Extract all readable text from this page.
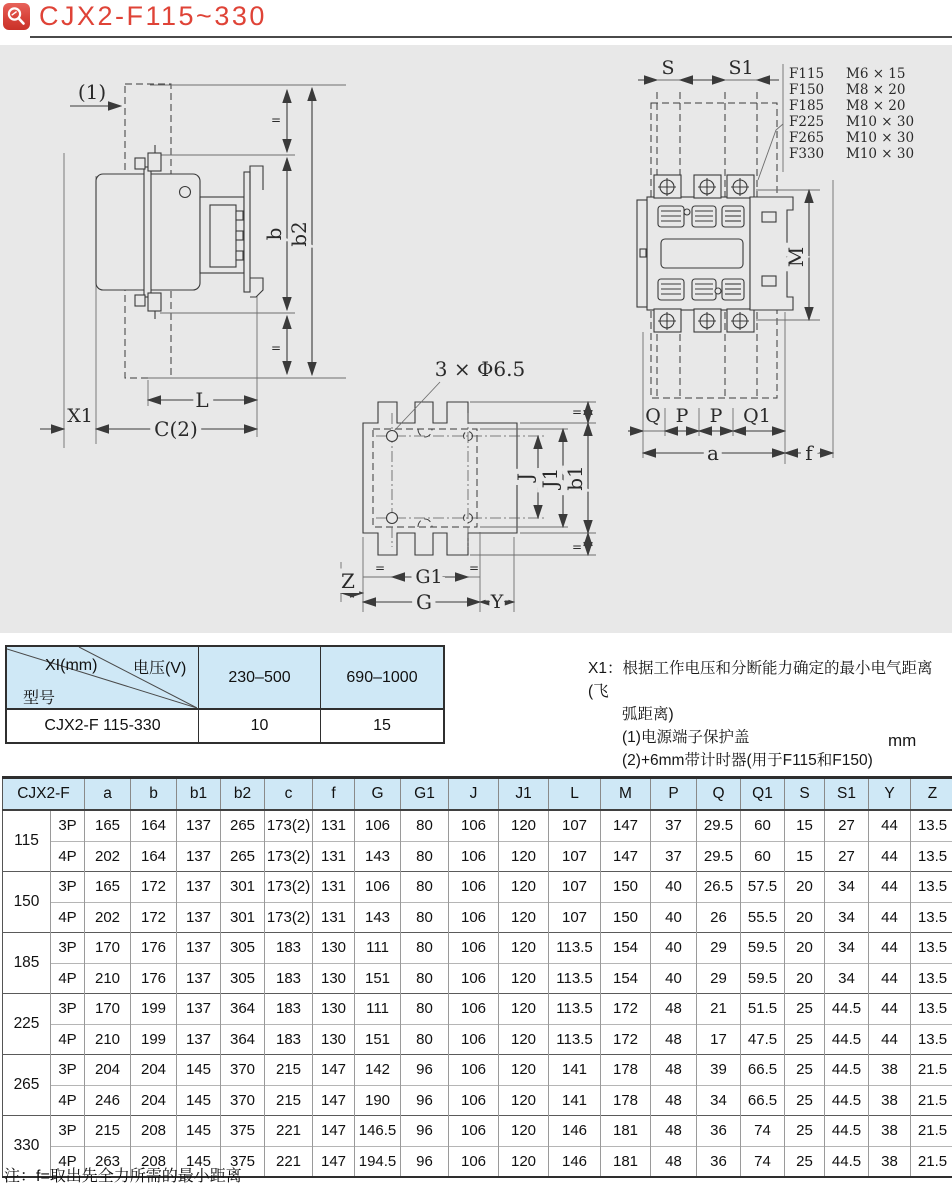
CJX2-F115~330
(1)
b2
b
=
=
L
C(2)
X1
3 × Φ6.5
J J1 b1
=
=
G1
=	=
G	Y
Z
S	S1	F115 M6 × 15
F150 M8 × 20
F185 M8 × 20
F225 M10 × 30
F265 M10 × 30
F330 M10 × 30
M
Q P P Q1
a	f
XI(mm) 电压(V)
型号
230–500	690–1000
CJX2-F 115-330	10	15
X1：根据工作电压和分断能力确定的最小电气距离(飞
弧距离)
(1)电源端子保护盖
(2)+6mm带计时器(用于F115和F150)
mm
CJX2-F		a	b	b1	b2	c	f	G	G1	J	J1	L	M	P	Q	Q1	S	S1	Y	Z
115	3P	165	164	137	265	173(2)	131	106	80	106	120	107	147	37	29.5	60	15	27	44	13.5
	4P	202	164	137	265	173(2)	131	143	80	106	120	107	147	37	29.5	60	15	27	44	13.5
150	3P	165	172	137	301	173(2)	131	106	80	106	120	107	150	40	26.5	57.5	20	34	44	13.5
	4P	202	172	137	301	173(2)	131	143	80	106	120	107	150	40	26	55.5	20	34	44	13.5
185	3P	170	176	137	305	183	130	111	80	106	120	113.5	154	40	29	59.5	20	34	44	13.5
	4P	210	176	137	305	183	130	151	80	106	120	113.5	154	40	29	59.5	20	34	44	13.5
225	3P	170	199	137	364	183	130	111	80	106	120	113.5	172	48	21	51.5	25	44.5	44	13.5
	4P	210	199	137	364	183	130	151	80	106	120	113.5	172	48	17	47.5	25	44.5	44	13.5
265	3P	204	204	145	370	215	147	142	96	106	120	141	178	48	39	66.5	25	44.5	38	21.5
	4P	246	204	145	370	215	147	190	96	106	120	141	178	48	34	66.5	25	44.5	38	21.5
330	3P	215	208	145	375	221	147	146.5	96	106	120	146	181	48	36	74	25	44.5	38	21.5
	4P	263	208	145	375	221	147	194.5	96	106	120	146	181	48	36	74	25	44.5	38	21.5
注：f=取出先全力所需的最小距离
